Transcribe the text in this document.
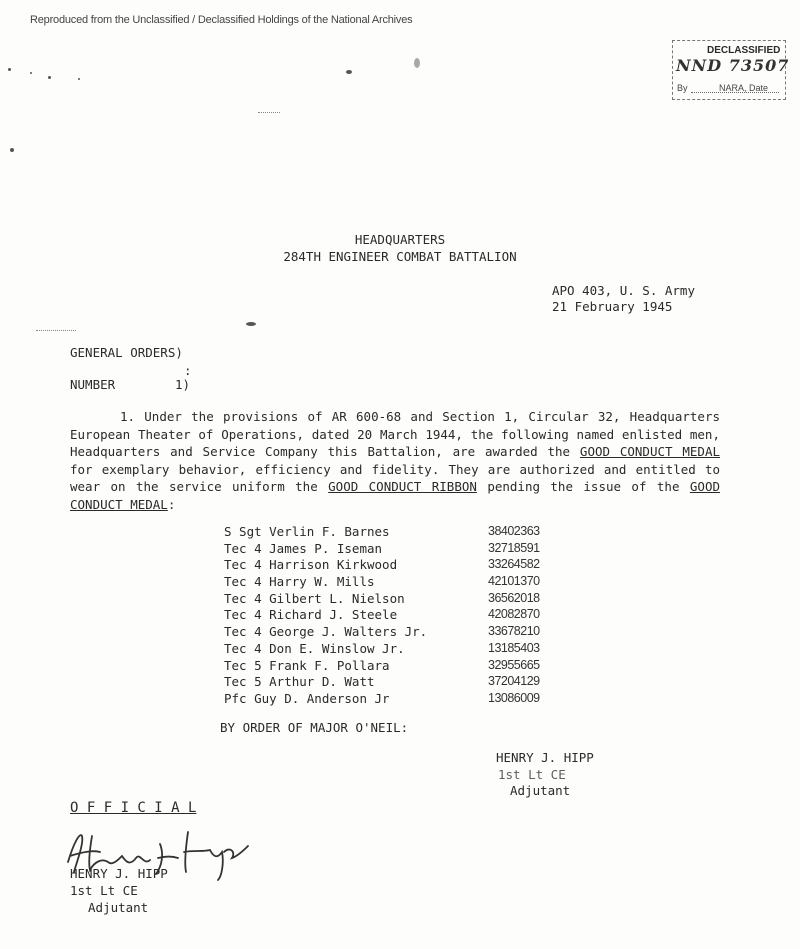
Reproduced from the Unclassified / Declassified Holdings of the National Archives
DECLASSIFIED
NND 73507
By	NARA, Date
HEADQUARTERS
284TH ENGINEER COMBAT BATTALION
APO 403, U. S. Army
21 February 1945
GENERAL ORDERS)
:
NUMBER	1)
1. Under the provisions of AR 600-68 and Section 1, Circular 32, Headquarters European Theater of Operations, dated 20 March 1944, the following named enlisted men, Headquarters and Service Company this Battalion, are awarded the GOOD CONDUCT MEDAL for exemplary behavior, efficiency and fidelity. They are authorized and entitled to wear on the service uniform the GOOD CONDUCT RIBBON pending the issue of the GOOD CONDUCT MEDAL:
S Sgt Verlin F. Barnes	38402363
Tec 4 James P. Iseman	32718591
Tec 4 Harrison Kirkwood	33264582
Tec 4 Harry W. Mills	42101370
Tec 4 Gilbert L. Nielson	36562018
Tec 4 Richard J. Steele	42082870
Tec 4 George J. Walters Jr.	33678210
Tec 4 Don E. Winslow Jr.	13185403
Tec 5 Frank F. Pollara	32955665
Tec 5 Arthur D. Watt	37204129
Pfc Guy D. Anderson Jr	13086009
BY ORDER OF MAJOR O'NEIL:
HENRY J. HIPP
1st Lt CE
Adjutant
O F F I C I A L
HENRY J. HIPP
1st Lt CE
Adjutant
